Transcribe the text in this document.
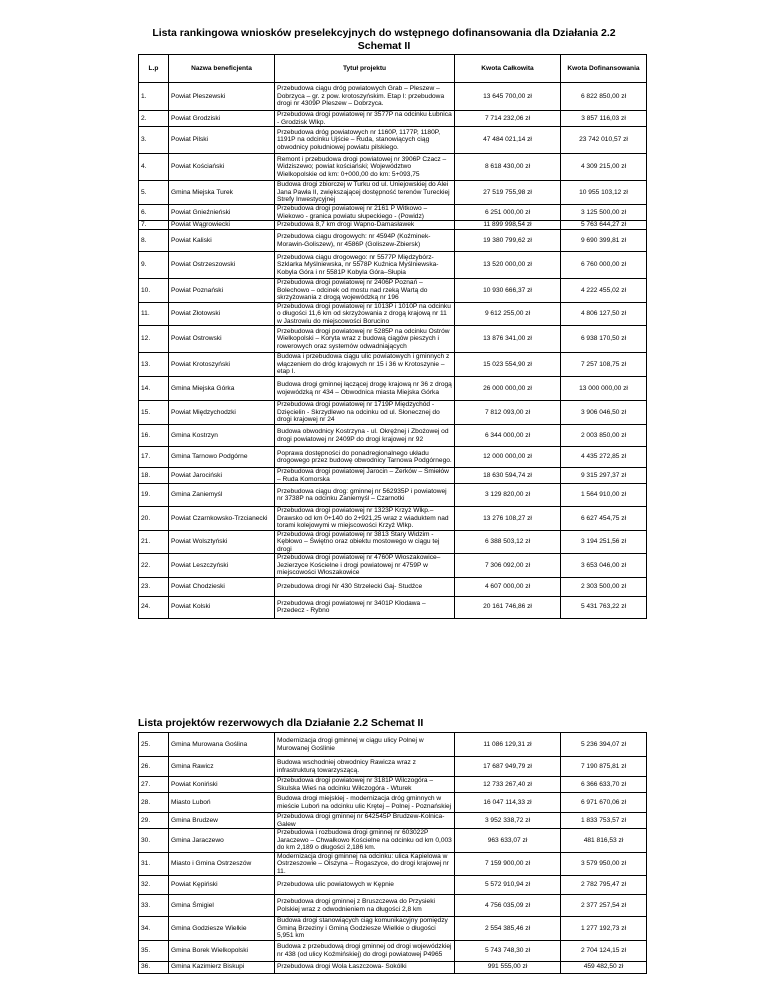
Lista rankingowa wniosków preselekcyjnych do wstępnego dofinansowania dla Działania 2.2
Schemat II
L.p	Nazwa beneficjenta	Tytuł projektu	Kwota Całkowita	Kwota Dofinansowania
1.	Powiat Pleszewski	Przebudowa ciągu dróg powiatowych Grab – Pleszew – Dobrzyca – gr. z pow. krotoszyńskim. Etap I: przebudowa drogi nr 4309P Pleszew – Dobrzyca.	13 645 700,00 zł	6 822 850,00 zł
2.	Powiat Grodziski	Przebudowa drogi powiatowej nr 3577P na odcinku Łubnica - Grodzisk Wlkp.	7 714 232,06 zł	3 857 116,03 zł
3.	Powiat Pilski	Przebudowa dróg powiatowych nr 1160P, 1177P, 1180P, 1191P na odcinku Ujście – Ruda, stanowiących ciąg obwodnicy południowej powiatu pilskiego.	47 484 021,14 zł	23 742 010,57 zł
4.	Powiat Kościański	Remont i przebudowa drogi powiatowej nr 3906P Czacz – Widziszewo; powiat kościański; Województwo Wielkopolskie od km: 0+000,00 do km: 5+093,75	8 618 430,00 zł	4 309 215,00 zł
5.	Gmina Miejska Turek	Budowa drogi zbiorczej w Turku od ul. Uniejowskiej do Alei Jana Pawła II, zwiększającej dostępność terenów Tureckiej Strefy Inwestycyjnej	27 519 755,98 zł	10 955 103,12 zł
6.	Powiat Gnieźnieński	Przebudowa drogi powiatowej nr 2161 P Witkowo – Wiekowo - granica powiatu słupeckiego - (Powidz)	6 251 000,00 zł	3 125 500,00 zł
7.	Powiat Wągrowiecki	Przebudowa 8,7 km drogi Wapno-Damasławek	11 899 998,54 zł	5 763 644,27 zł
8.	Powiat Kaliski	Przebudowa ciągu drogowych: nr 4594P (Koźminek-Morawin-Goliszew), nr 4586P (Goliszew-Zbiersk)	19 380 799,62 zł	9 690 399,81 zł
9.	Powiat Ostrzeszowski	Przebudowa ciągu drogowego: nr 5577P Międzybórz-Szklarka Myślniewska, nr 5578P Kuźnica Myślniewska-Kobyla Góra i nr 5581P Kobyla Góra–Słupia	13 520 000,00 zł	6 760 000,00 zł
10.	Powiat Poznański	Przebudowa drogi powiatowej nr 2406P Poznań – Bolechowo – odcinek od mostu nad rzeką Wartą do skrzyżowania z drogą wojewódzką nr 196	10 930 666,37 zł	4 222 455,02 zł
11.	Powiat Złotowski	Przebudowa drogi powiatowej nr 1013P i 1010P na odcinku o długości 11,6 km od skrzyżowania z drogą krajową nr 11 w Jastrowiu do miejscowości Borucino	9 612 255,00 zł	4 806 127,50 zł
12.	Powiat Ostrowski	Przebudowa drogi powiatowej nr 5285P na odcinku Ostrów Wielkopolski – Koryta wraz z budową ciągów pieszych i rowerowych oraz systemów odwadniających	13 876 341,00 zł	6 938 170,50 zł
13.	Powiat Krotoszyński	Budowa i przebudowa ciągu ulic powiatowych i gminnych z włączeniem do dróg krajowych nr 15 i 36 w Krotoszynie – etap I.	15 023 554,90 zł	7 257 108,75 zł
14.	Gmina Miejska Górka	Budowa drogi gminnej łączącej drogę krajową nr 36 z drogą wojewódzką nr 434 – Obwodnica miasta Miejska Górka	26 000 000,00 zł	13 000 000,00 zł
15.	Powiat Międzychodzki	Przebudowa drogi powiatowej nr 1719P Międzychód - Dzięcielin - Skrzydlewo na odcinku od ul. Słonecznej do drogi krajowej nr 24	7 812 093,00 zł	3 906 046,50 zł
16.	Gmina Kostrzyn	Budowa obwodnicy Kostrzyna - ul. Okrężnej i Zbożowej od drogi powiatowej nr 2409P do drogi krajowej nr 92	6 344 000,00 zł	2 003 850,00 zł
17.	Gmina Tarnowo Podgórne	Poprawa dostępności do ponadregionalnego układu drogowego przez budowę obwodnicy Tarnowa Podgórnego.	12 000 000,00 zł	4 435 272,85 zł
18.	Powiat Jarociński	Przebudowa drogi powiatowej Jarocin – Żerków – Śmiełów – Ruda Komorska	18 630 594,74 zł	9 315 297,37 zł
19.	Gmina Zaniemyśl	Przebudowa ciągu drog: gminnej nr 562935P i powiatowej nr 3738P na odcinku Zaniemyśl – Czarnotki	3 129 820,00 zł	1 564 910,00 zł
20.	Powiat Czarnkowsko-Trzcianecki	Przebudowa drogi powiatowej nr 1323P Krzyż Wlkp.–Drawsko od km 0+140 do 2+921,25 wraz z wiaduktem nad torami kolejowymi w miejscowości Krzyż Wlkp.	13 276 108,27 zł	6 627 454,75 zł
21.	Powiat Wolsztyński	Przebudowa drogi powiatowej nr 3813 Stary Widzim - Kębłowo – Świętno oraz obiektu mostowego w ciągu tej drogi	6 388 503,12 zł	3 194 251,56 zł
22.	Powiat Leszczyński	Przebudowa drogi powiatowej nr 4760P Włoszakowice–Jezierzyce Kościelne i drogi powiatowej nr 4759P w miejscowości Włoszakowice	7 306 092,00 zł	3 653 046,00 zł
23.	Powiat Chodzieski	Przebudowa drogi Nr 430 Strzelecki Gaj- Studźce	4 607 000,00 zł	2 303 500,00 zł
24.	Powiat Kolski	Przebudowa drogi powiatowej nr 3401P Kłodawa – Przedecz - Rybno	20 161 746,86 zł	5 431 763,22 zł
Lista projektów rezerwowych dla Działanie 2.2 Schemat II
25.	Gmina Murowana Goślina	Modernizacja drogi gminnej w ciągu ulicy Polnej w Murowanej Goślinie	11 086 129,31 zł	5 236 394,07 zł
26.	Gmina Rawicz	Budowa wschodniej obwodnicy Rawicza wraz z infrastrukturą towarzyszącą.	17 687 949,79 zł	7 190 875,81 zł
27.	Powiat Koniński	Przebudowa drogi powiatowej nr 3181P Wilczogóra – Skulska Wieś na odcinku Wilczogóra - Wturek	12 733 267,40 zł	6 366 633,70 zł
28.	Miasto Luboń	Budowa drogi miejskiej - modernizacja dróg gminnych w mieście Luboń na odcinku ulic Krętej – Polnej - Poznańskiej	16 047 114,33 zł	6 971 670,06 zł
29.	Gmina Brudzew	Przebudowa drogi gminnej nr 642545P Brudzew-Kolnica-Galew	3 952 338,72 zł	1 833 753,57 zł
30.	Gmina Jaraczewo	Przebudowa i rozbudowa drogi gminnej nr 603022P Jaraczewo – Chwałkowo Kościelne na odcinku od km 0,003 do km 2,189 o długości 2,186 km.	963 633,07 zł	481 816,53 zł
31.	Miasto i Gmina Ostrzeszów	Modernizacja drogi gminnej na odcinku: ulica Kapielowa w Ostrzeszowie – Olszyna – Rogaszyce, do drogi krajowej nr 11.	7 159 900,00 zł	3 579 950,00 zł
32.	Powiat Kępiński	Przebudowa ulic powiatowych w Kępnie	5 572 910,94 zł	2 782 795,47 zł
33.	Gmina Śmigiel	Przebudowa drogi gminnej z Bruszczewa do Przysieki Polskiej wraz z odwodnieniem na długości 2,8 km	4 756 035,09 zł	2 377 257,54 zł
34.	Gmina Godziesze Wielkie	Budowa drogi stanowiących ciąg komunikacyjny pomiędzy Gminą Brzeziny i Gminą Godziesze Wielkie o długości 5,951 km	2 554 385,46 zł	1 277 192,73 zł
35.	Gmina Borek Wielkopolski	Budowa z przebudową drogi gminnej od drogi wojewódzkiej nr 438 (od ulicy Koźmińskiej) do drogi powiatowej P4965	5 743 748,30 zł	2 704 124,15 zł
36.	Gmina Kazimierz Biskupi	Przebudowa drogi Wola Łaszczowa- Sokólki	991 555,00 zł	459 482,50 zł
